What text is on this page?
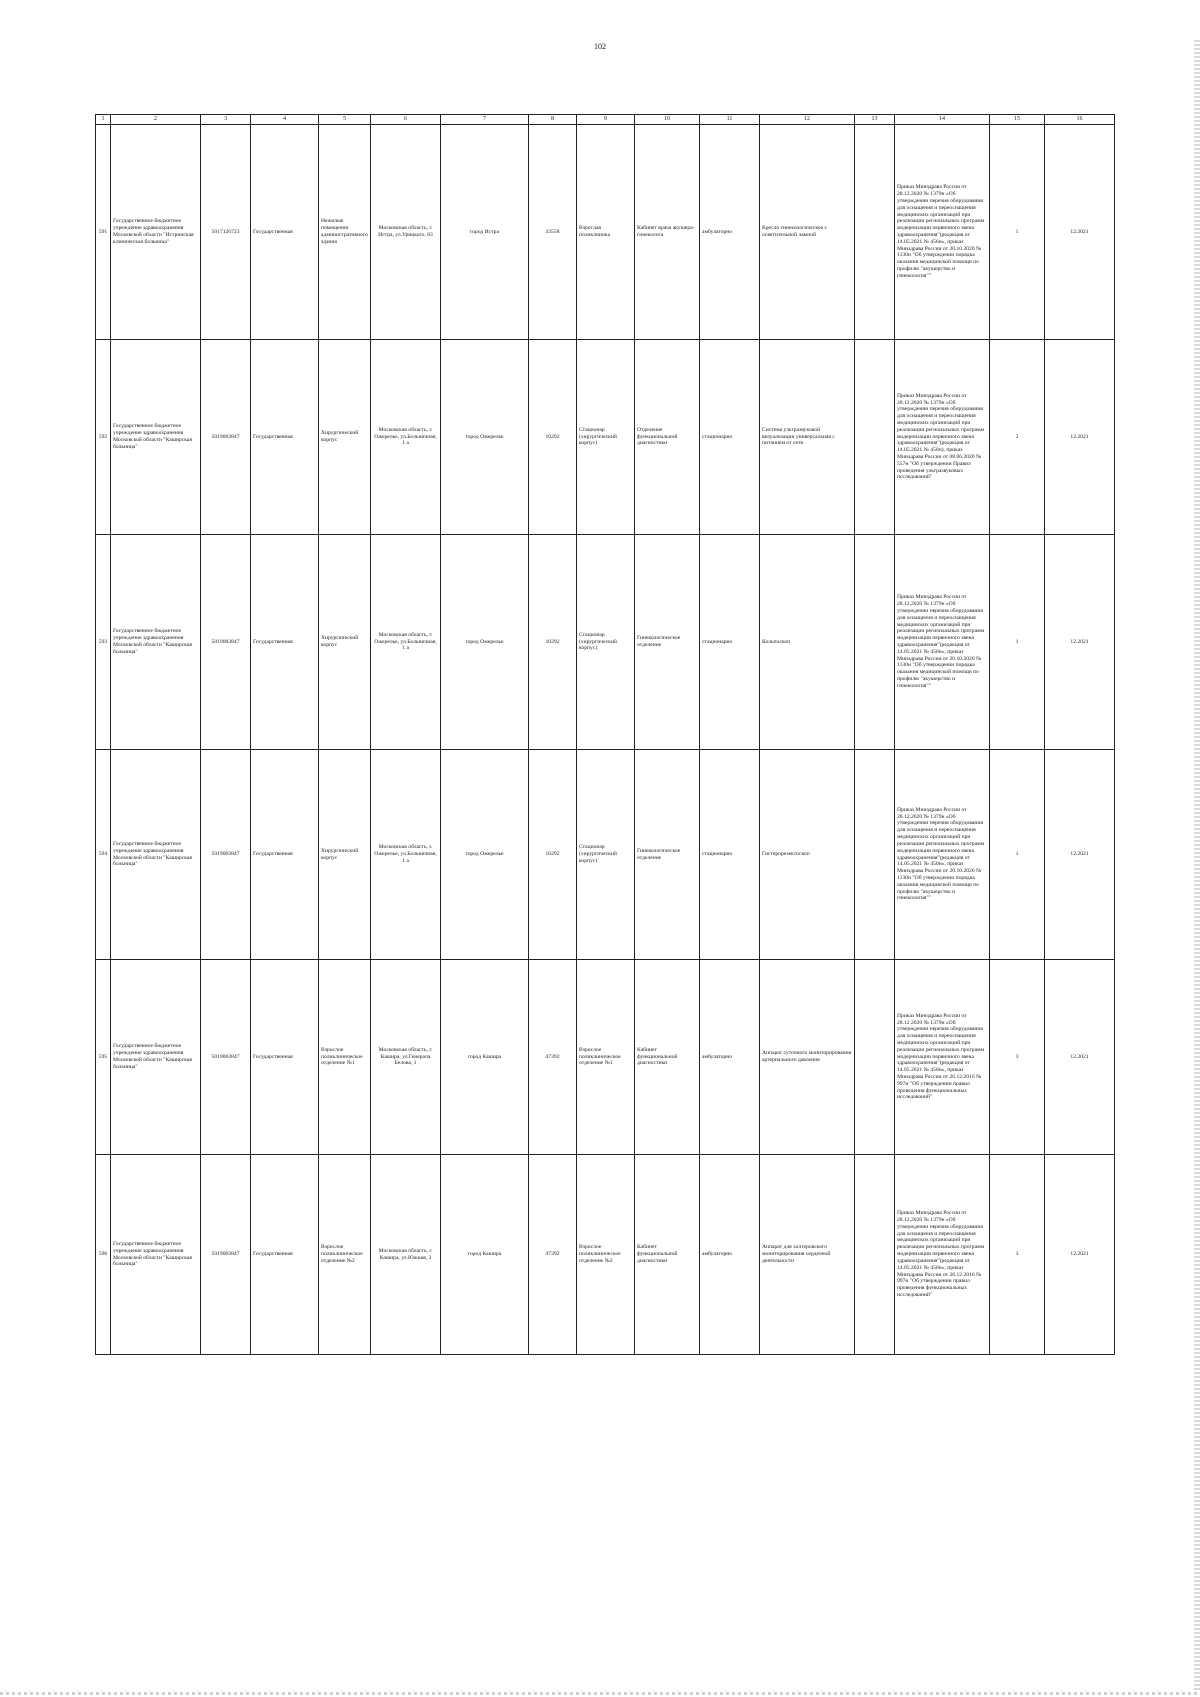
102
1	2	3	4	5	6	7	8	9	10	11	12	13	14	15	16
591	Государственное бюджетное учреждение здравоохранения Московской области "Истринская клиническая больница"	5017126723	Государственная	Нежилые помещения административного здания	Московская область, г. Истра, ул.Урицкого, 83	город Истра	33558	Взрослая поликлиника	Кабинет врача акушера-гинеколога	амбулаторно	Кресло гинекологическое с осветительной лампой		Приказ Минздрава России от 28.12.2020 № 1379н «Об утверждении перечня оборудования для оснащения и переоснащения медицинских организаций при реализации региональных программ модернизации первичного звена здравоохранения"(редакция от 14.05.2021 № 456н», приказ Минздрава России от 20.10.2020 № 1130н "Об утверждении порядка оказания медицинской помощи по профилю "акушерство и гинекология""	1	12.2021
592	Государственное бюджетное учреждение здравоохранения Московской области "Каширская больница"	5019003847	Государственная	Хирургический корпус	Московская область, г. Ожерелье, ул.Больничная, 1 а	город Ожерелье	10292	Стационар (хирургический корпус)	Отделение функциональной диагностики	стационарно	Система ультразвуковой визуализации универсальная с питанием от сети		Приказ Минздрава России от 28.12.2020 № 1379н «Об утверждении перечня оборудования для оснащения и переоснащения медицинских организаций при реализации региональных программ модернизации первичного звена здравоохранения"(редакция от 14.05.2021 № 450н), приказ Минздрава России от 08.06.2020 № 557н "Об утверждении Правил проведения ультразвуковых исследований"	2	12.2021
593	Государственное бюджетное учреждение здравоохранения Московской области "Каширская больница"	5019003847	Государственная	Хирургический корпус	Московская область, г. Ожерелье, ул.Больничная, 1 а	город Ожерелье	10292	Стационар (хирургический корпус)	Гинекологическое отделение	стационарно	Кольпоскоп		Приказ Минздрава России от 28.12.2020 № 1379н «Об утверждении перечня оборудования для оснащения и переоснащения медицинских организаций при реализации региональных программ модернизации первичного звена здравоохранения"(редакция от 14.05.2021 № 450н», приказ Минздрава России от 20.10.2020 № 1130н "Об утверждении порядка оказания медицинской помощи по профилю "акушерство и гинекология""	1	12.2021
594	Государственное бюджетное учреждение здравоохранения Московской области "Каширская больница"	5019003847	Государственная	Хирургический корпус	Московская область, г. Ожерелье, ул.Больничная, 1 а	город Ожерелье	10292	Стационар (хирургический корпус)	Гинекологическое отделение	стационарно	Гистерорезектоскоп		Приказ Минздрава России от 28.12.2020 № 1379н «Об утверждении перечня оборудования для оснащения и переоснащения медицинских организаций при реализации региональных программ модернизации первичного звена здравоохранения"(редакция от 14.05.2021 № 450н», приказ Минздрава России от 20.10.2020 № 1130н "Об утверждении порядка оказания медицинской помощи по профилю "акушерство и гинекология""	1	12.2021
595	Государственное бюджетное учреждение здравоохранения Московской области "Каширская больница"	5019003847	Государственная	Взрослое поликлиническое отделение №1	Московская область, г. Кашира, ул.Генерала Белова, 1	город Кашира	47392	Взрослое поликлиническое отделение №1	Кабинет функциональной диагностики	амбулаторно	Аппарат суточного мониторирования артериального давления		Приказ Минздрава России от 28.12.2020 № 1379н «Об утверждении перечня оборудования для оснащения и переоснащения медицинских организаций при реализации региональных программ модернизации первичного звена здравоохранения"(редакция от 14.05.2021 № 450н», приказ Минздрава России от 26.12.2016 № 997н "Об утверждении правил проведения функциональных исследований"	3	12.2021
596	Государственное бюджетное учреждение здравоохранения Московской области "Каширская больница"	5019003847	Государственная	Взрослое поликлиническое отделение №2	Московская область, г. Кашира, ул.Южная, 3	город Кашира	47392	Взрослое поликлиническое отделение №2	Кабинет функциональной диагностики	амбулаторно	Аппарат для холтеровского мониторирования сердечной деятельности		Приказ Минздрава России от 28.12.2020 № 1379н «Об утверждении перечня оборудования для оснащения и переоснащения медицинских организаций при реализации региональных программ модернизации первичного звена здравоохранения"(редакция от 14.05.2021 № 450н», приказ Минздрава России от 26.12.2016 № 997н "Об утверждении правил проведения функциональных исследований"	3	12.2021
